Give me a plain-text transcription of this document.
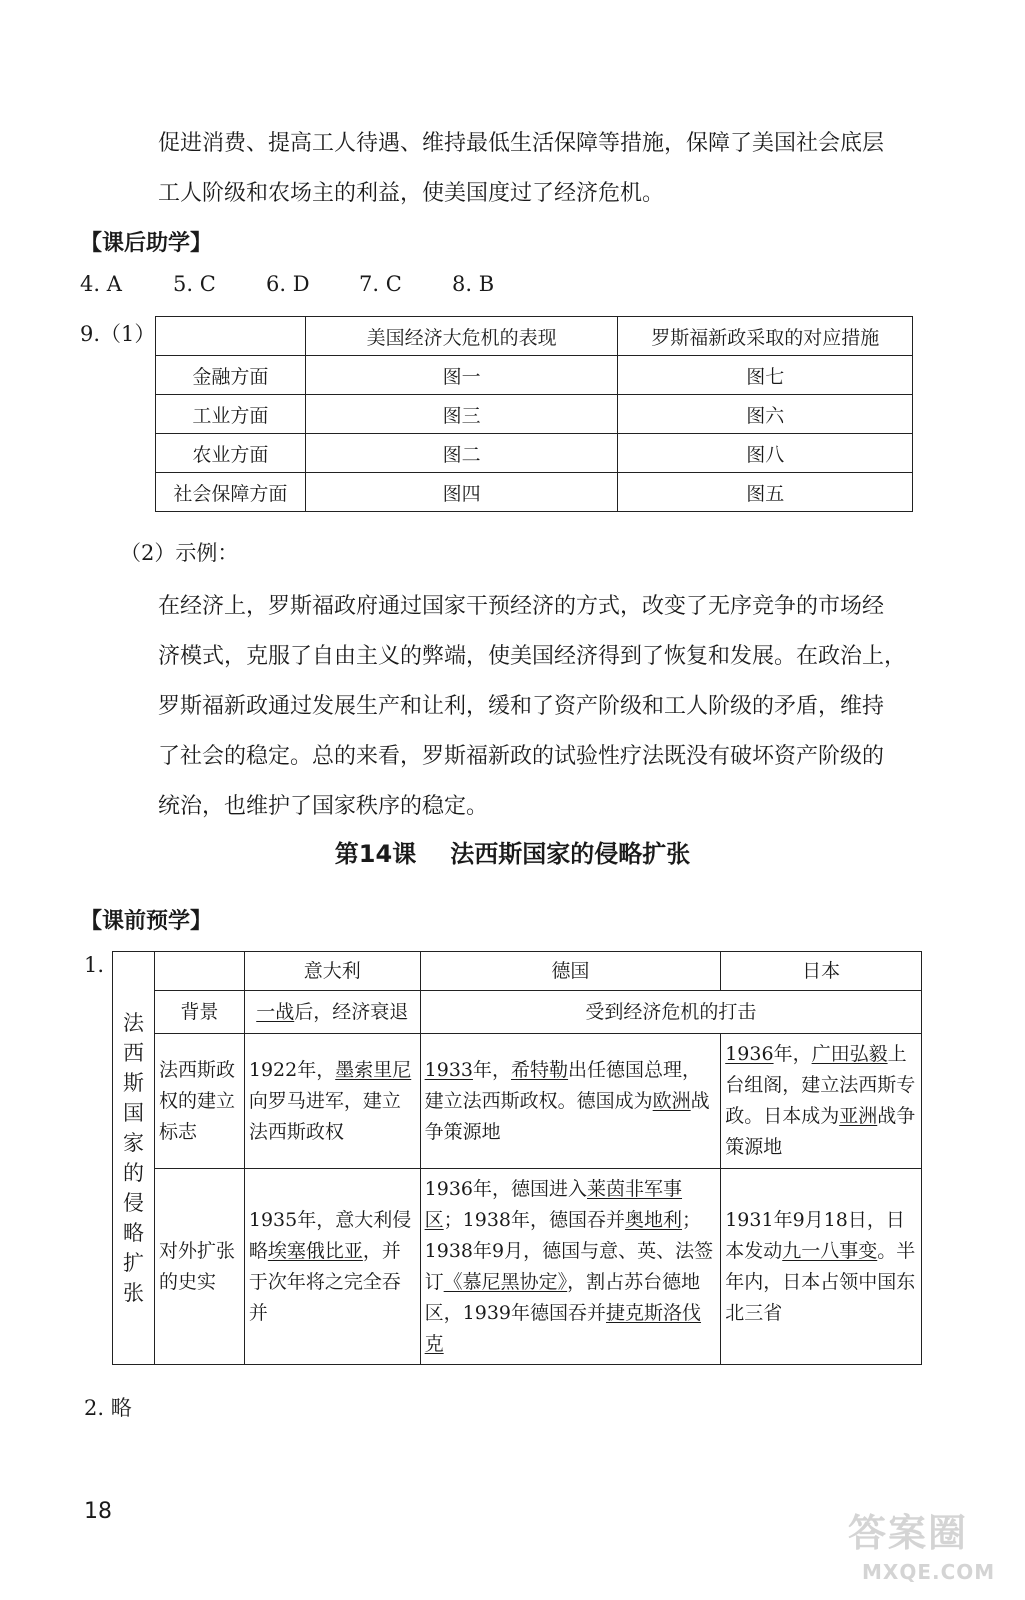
促进消费、提高工人待遇、维持最低生活保障等措施，保障了美国社会底层
工人阶级和农场主的利益，使美国度过了经济危机。
【课后助学】
4. A 5. C 6. D 7. C 8. B
9.（1）
		美国经济大危机的表现	罗斯福新政采取的对应措施
金融方面	图一	图七
工业方面	图三	图六
农业方面	图二	图八
社会保障方面	图四	图五
（2）示例：
在经济上，罗斯福政府通过国家干预经济的方式，改变了无序竞争的市场经
济模式，克服了自由主义的弊端，使美国经济得到了恢复和发展。在政治上，
罗斯福新政通过发展生产和让利，缓和了资产阶级和工人阶级的矛盾，维持
了社会的稳定。总的来看，罗斯福新政的试验性疗法既没有破坏资产阶级的
统治，也维护了国家秩序的稳定。
第14课 法西斯国家的侵略扩张
【课前预学】
1.
法西斯国家的侵略扩张		意大利	德国	日本
	背景	一战后，经济衰退	受到经济危机的打击	
	法西斯政权的建立标志	1922年，墨索里尼向罗马进军，建立法西斯政权	1933年，希特勒出任德国总理，建立法西斯政权。德国成为欧洲战争策源地	1936年，广田弘毅上台组阁，建立法西斯专政。日本成为亚洲战争策源地
	对外扩张的史实	1935年，意大利侵略埃塞俄比亚，并于次年将之完全吞并	1936年，德国进入莱茵非军事区；1938年，德国吞并奥地利；1938年9月，德国与意、英、法签订《慕尼黑协定》，割占苏台德地区，1939年德国吞并捷克斯洛伐克	1931年9月18日，日本发动九一八事变。半年内，日本占领中国东北三省
2. 略
18	答案圈
MXQE.COM
